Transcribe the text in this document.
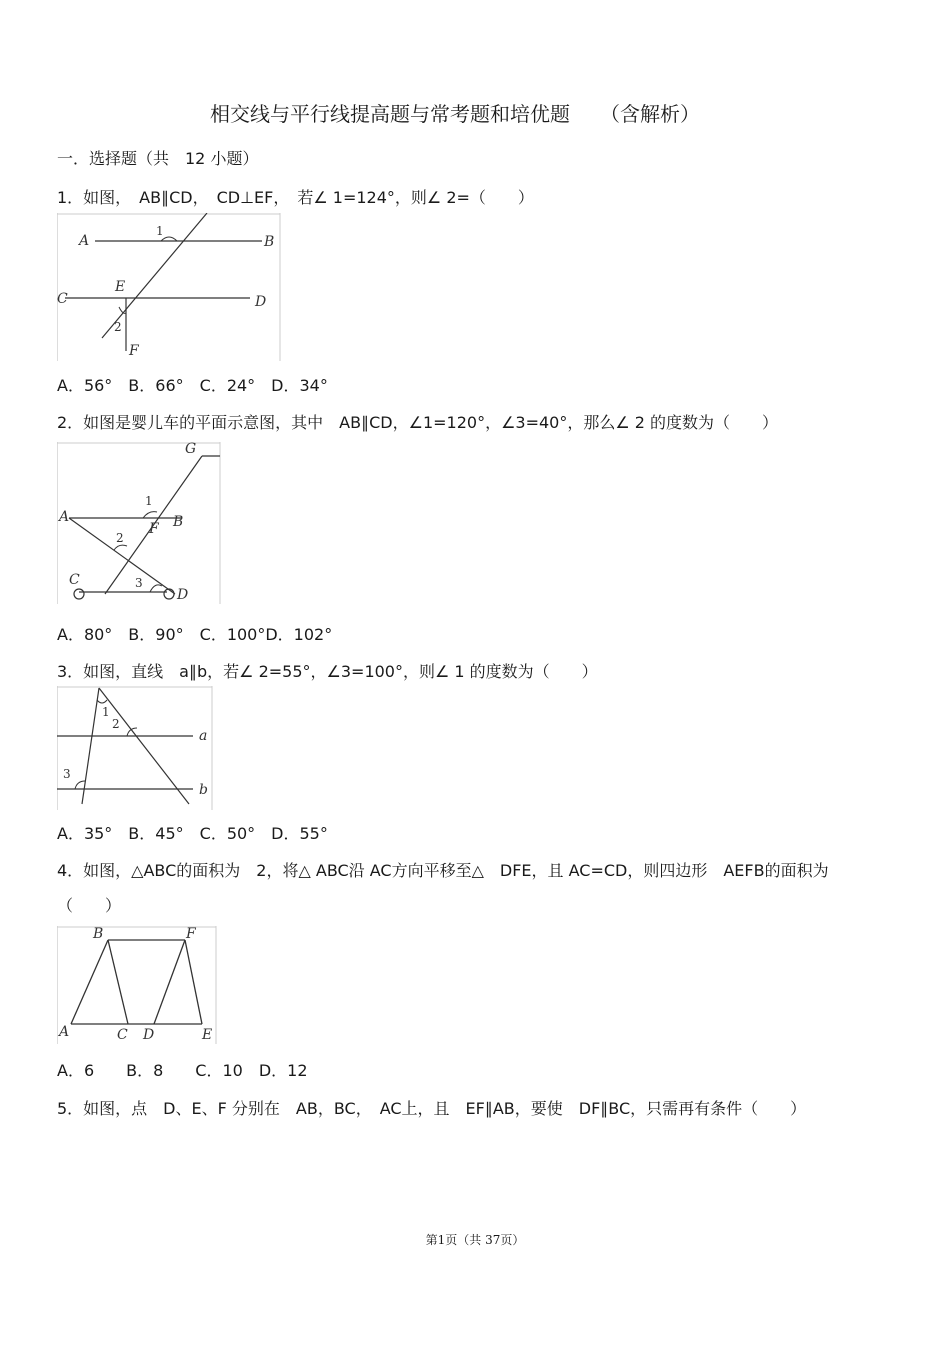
相交线与平行线提高题与常考题和培优题　　（含解析）
一．选择题（共　12 小题）
1．如图，　AB∥CD，　CD⊥EF，　若∠ 1=124°，则∠ 2=（　　）
A	B
C	D
E
F
1
2
A．56°　B．66°　C．24°　D．34°
2．如图是婴儿车的平面示意图，其中　AB∥CD，∠1=120°，∠3=40°，那么∠ 2 的度数为（　　）
G
A	B
F
C
D
1
2
3
A．80°　B．90°　C．100°D．102°
3．如图，直线　a∥b，若∠ 2=55°，∠3=100°，则∠ 1 的度数为（　　）
a
b
1
2
3
A．35°　B．45°　C．50°　D．55°
4．如图，△ABC的面积为　2，将△ ABC沿 AC方向平移至△　DFE，且 AC=CD，则四边形　AEFB的面积为
（　　）
A
B
C D	E
F
A．6　　B．8　　C．10　D．12
5．如图，点　D、E、F 分别在　AB，BC，　AC上，且　EF∥AB，要使　DF∥BC，只需再有条件（　　）
第1页（共 37页）
